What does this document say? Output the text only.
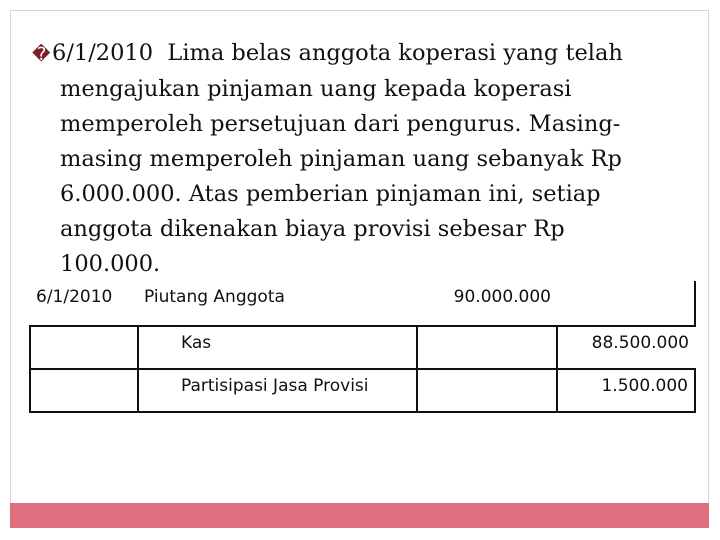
�6/1/2010 Lima belas anggota koperasi yang telah
mengajukan pinjaman uang kepada koperasi
memperoleh persetujuan dari pengurus. Masing-
masing memperoleh pinjaman uang sebanyak Rp
6.000.000. Atas pemberian pinjaman ini, setiap
anggota dikenakan biaya provisi sebesar Rp
100.000.
6/1/2010	Piutang Anggota	90.000.000	
	Kas		88.500.000
	Partisipasi Jasa Provisi		1.500.000
